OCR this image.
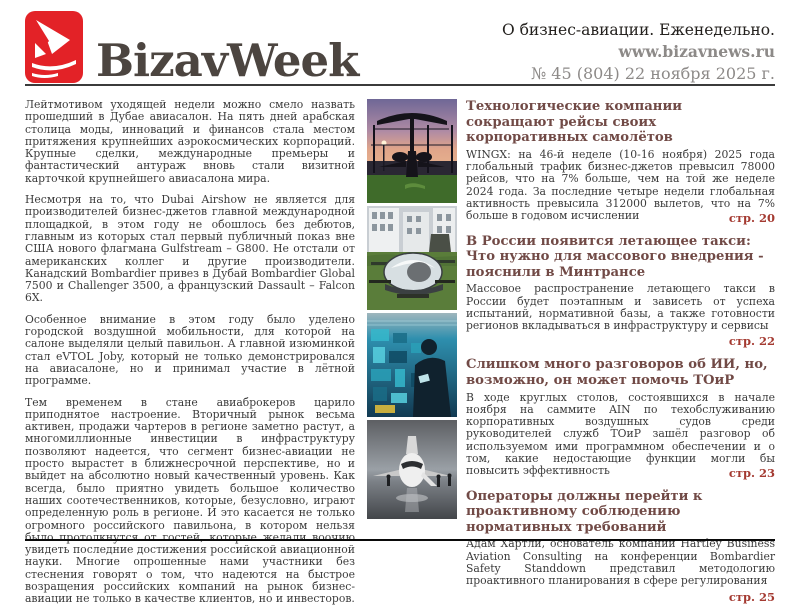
BizavWeek
О бизнес-авиации. Еженедельно.
www.bizavnews.ru
№ 45 (804) 22 ноября 2025 г.

Лейтмотивом уходящей недели можно смело назвать прошедший в Дубае авиасалон. На пять дней арабская столица моды, инноваций и финансов стала местом притяжения крупнейших аэрокосмических корпораций. Крупные сделки, международные премьеры и фантастический антураж вновь стали визитной карточкой крупнейшего авиасалона мира.

Несмотря на то, что Dubai Airshow не является для производителей бизнес-джетов главной международной площадкой, в этом году не обошлось без дебютов, главным из которых стал первый публичный показ вне США нового флагмана Gulfstream – G800. Не отстали от американских коллег и другие производители. Канадский Bombardier привез в Дубай Bombardier Global 7500 и Challenger 3500, а французский Dassault – Falcon 6X.

Особенное внимание в этом году было уделено городской воздушной мобильности, для которой на салоне выделяли целый павильон. А главной изюминкой стал eVTOL Joby, который не только демонстрировался на авиасалоне, но и принимал участие в лётной программе.

Тем временем в стане авиаброкеров царило приподнятое настроение. Вторичный рынок весьма активен, продажи чартеров в регионе заметно растут, а многомиллионные инвестиции в инфраструктуру позволяют надеется, что сегмент бизнес-авиации не просто вырастет в ближнесрочной перспективе, но и выйдет на абсолютно новый качественный уровень. Как всегда, было приятно увидеть большое количество наших соотечественников, которые, безусловно, играют определенную роль в регионе. И это касается не только огромного российского павильона, в котором нельзя было протолкнутся от гостей, которые желали воочию увидеть последние достижения российской авиационной науки. Многие опрошенные нами участники без стеснения говорят о том, что надеются на быстрое возращения российских компаний на рынок бизнес-авиации не только в качестве клиентов, но и инвесторов.

Технологические компании сокращают рейсы своих корпоративных самолётов

WINGX: на 46-й неделе (10-16 ноября) 2025 года глобальный трафик бизнес-джетов превысил 78000 рейсов, что на 7% больше, чем на той же неделе 2024 года. За последние четыре недели глобальная активность превысила 312000 вылетов, что на 7% больше в годовом исчислении	стр. 20
В России появится летающее такси: Что нужно для массового внедрения - пояснили в Минтрансе

Массовое распространение летающего такси в России будет поэтапным и зависеть от успеха испытаний, нормативной базы, а также готовности регионов вкладываться в инфраструктуру и сервисы

стр. 22
Слишком много разговоров об ИИ, но, возможно, он может помочь ТОиР

В ходе круглых столов, состоявшихся в начале ноября на саммите AIN по техобслуживанию корпоративных воздушных судов среди руководителей служб ТОиР зашёл разговор об используемом ими программном обеспечении и о том, какие недостающие функции могли бы повысить эффективность	стр. 23
Операторы должны перейти к проактивному соблюдению нормативных требований

Адам Хартли, основатель компании Hartley Business Aviation Consulting на конференции Bombardier Safety Standdown представил методологию проактивного планирования в сфере регулирования

стр. 25
